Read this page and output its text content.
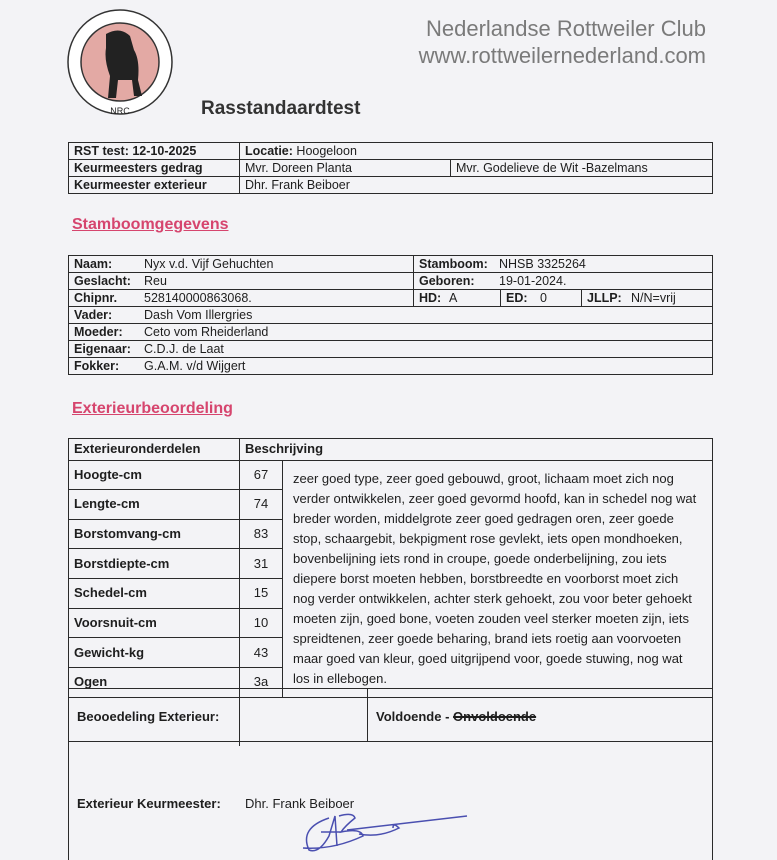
NRC
Nederlandse Rottweiler Club
www.rottweilernederland.com
Rasstandaardtest
RST test: 12-10-2025	Locatie: Hoogeloon	
Keurmeesters gedrag	Mvr. Doreen Planta	Mvr. Godelieve de Wit -Bazelmans
Keurmeester exterieur	Dhr. Frank Beiboer	
Stamboomgegevens
Naam: Nyx v.d. Vijf Gehuchten	Stamboom: NHSB 3325264		
Geslacht: Reu	Geboren: 19-01-2024.		
Chipnr. 528140000863068.	HD: A	ED: 0	JLLP: N/N=vrij
Vader: Dash Vom Illergries			
Moeder: Ceto vom Rheiderland			
Eigenaar: C.D.J. de Laat			
Fokker: G.A.M. v/d Wijgert			
Exterieurbeoordeling
Exterieuronderdelen	Beschrijving	
Hoogte-cm	67	zeer goed type, zeer goed gebouwd, groot, lichaam moet zich nog verder ontwikkelen, zeer goed gevormd hoofd, kan in schedel nog wat breder worden, middelgrote zeer goed gedragen oren, zeer goede stop, schaargebit, bekpigment rose gevlekt, iets open mondhoeken, bovenbelijning iets rond in croupe, goede onderbelijning, zou iets diepere borst moeten hebben, borstbreedte en voorborst moet zich nog verder ontwikkelen, achter sterk gehoekt, zou voor beter gehoekt moeten zijn, goed bone, voeten zouden veel sterker moeten zijn, iets spreidtenen, zeer goede beharing, brand iets roetig aan voorvoeten maar goed van kleur, goed uitgrijpend voor, goede stuwing, nog wat los in ellebogen.
Lengte-cm	74	
Borstomvang-cm	83	
Borstdiepte-cm	31	
Schedel-cm	15	
Voorsnuit-cm	10	
Gewicht-kg	43	
Ogen	3a	

Beooedeling Exterieur:	Voldoende - Onvoldoende
Exterieur Keurmeester: Dhr. Frank Beiboer
